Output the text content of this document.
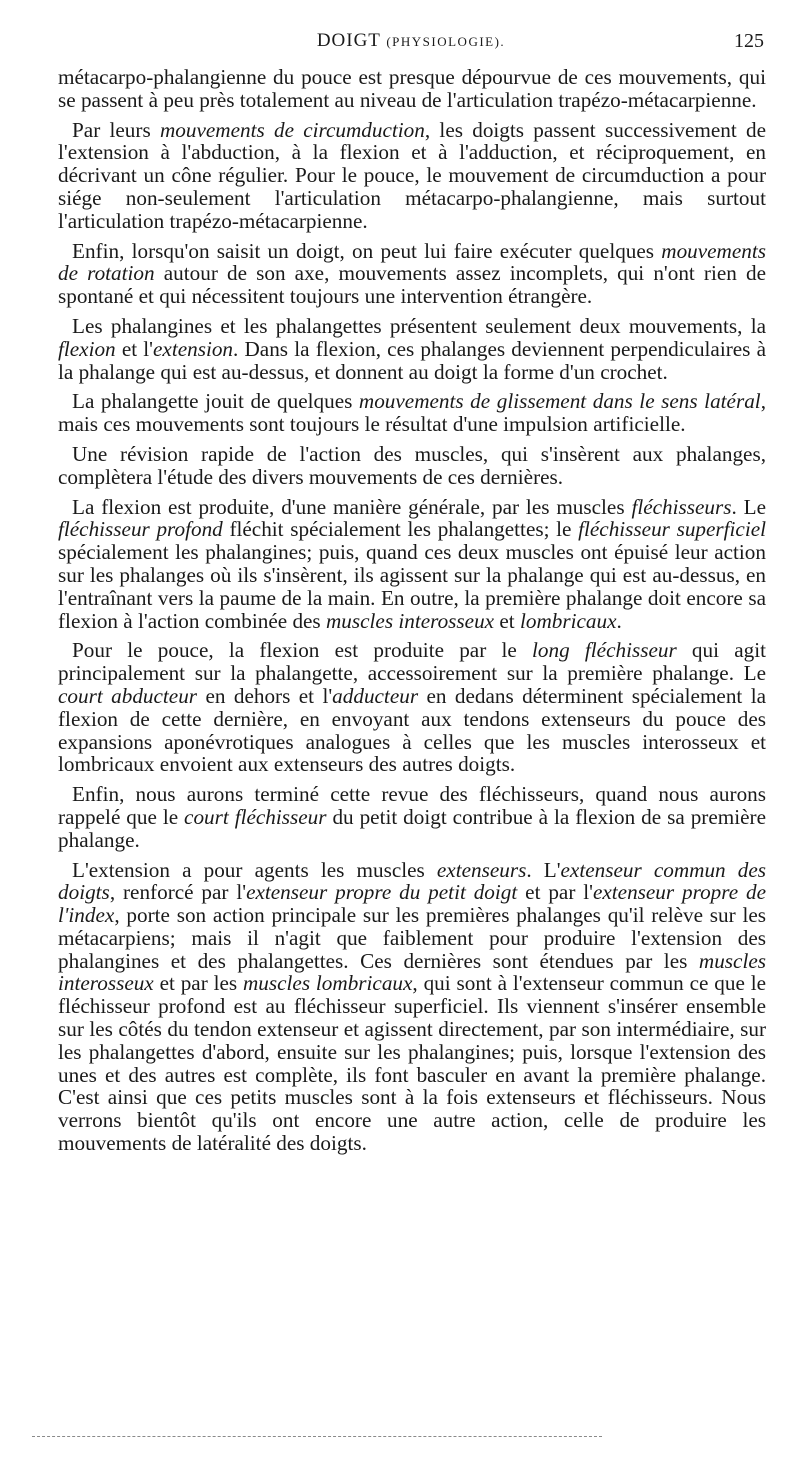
DOIGT (PHYSIOLOGIE).	125

métacarpo-phalangienne du pouce est presque dépourvue de ces mouvements, qui se passent à peu près totalement au niveau de l'articulation trapézo-métacarpienne.

Par leurs mouvements de circumduction, les doigts passent successivement de l'extension à l'abduction, à la flexion et à l'adduction, et réciproquement, en décrivant un cône régulier. Pour le pouce, le mouvement de circumduction a pour siége non-seulement l'articulation métacarpo-phalangienne, mais surtout l'articulation trapézo-métacarpienne.

Enfin, lorsqu'on saisit un doigt, on peut lui faire exécuter quelques mouvements de rotation autour de son axe, mouvements assez incomplets, qui n'ont rien de spontané et qui nécessitent toujours une intervention étrangère.

Les phalangines et les phalangettes présentent seulement deux mouvements, la flexion et l'extension. Dans la flexion, ces phalanges deviennent perpendiculaires à la phalange qui est au-dessus, et donnent au doigt la forme d'un crochet.

La phalangette jouit de quelques mouvements de glissement dans le sens latéral, mais ces mouvements sont toujours le résultat d'une impulsion artificielle.

Une révision rapide de l'action des muscles, qui s'insèrent aux phalanges, complètera l'étude des divers mouvements de ces dernières.

La flexion est produite, d'une manière générale, par les muscles fléchisseurs. Le fléchisseur profond fléchit spécialement les phalangettes; le fléchisseur superficiel spécialement les phalangines; puis, quand ces deux muscles ont épuisé leur action sur les phalanges où ils s'insèrent, ils agissent sur la phalange qui est au-dessus, en l'entraînant vers la paume de la main. En outre, la première phalange doit encore sa flexion à l'action combinée des muscles interosseux et lombricaux.

Pour le pouce, la flexion est produite par le long fléchisseur qui agit principalement sur la phalangette, accessoirement sur la première phalange. Le court abducteur en dehors et l'adducteur en dedans déterminent spécialement la flexion de cette dernière, en envoyant aux tendons extenseurs du pouce des expansions aponévrotiques analogues à celles que les muscles interosseux et lombricaux envoient aux extenseurs des autres doigts.

Enfin, nous aurons terminé cette revue des fléchisseurs, quand nous aurons rappelé que le court fléchisseur du petit doigt contribue à la flexion de sa première phalange.

L'extension a pour agents les muscles extenseurs. L'extenseur commun des doigts, renforcé par l'extenseur propre du petit doigt et par l'extenseur propre de l'index, porte son action principale sur les premières phalanges qu'il relève sur les métacarpiens; mais il n'agit que faiblement pour produire l'extension des phalangines et des phalangettes. Ces dernières sont étendues par les muscles interosseux et par les muscles lombricaux, qui sont à l'extenseur commun ce que le fléchisseur profond est au fléchisseur superficiel. Ils viennent s'insérer ensemble sur les côtés du tendon extenseur et agissent directement, par son intermédiaire, sur les phalangettes d'abord, ensuite sur les phalangines; puis, lorsque l'extension des unes et des autres est complète, ils font basculer en avant la première phalange. C'est ainsi que ces petits muscles sont à la fois extenseurs et fléchisseurs. Nous verrons bientôt qu'ils ont encore une autre action, celle de produire les mouvements de latéralité des doigts.
